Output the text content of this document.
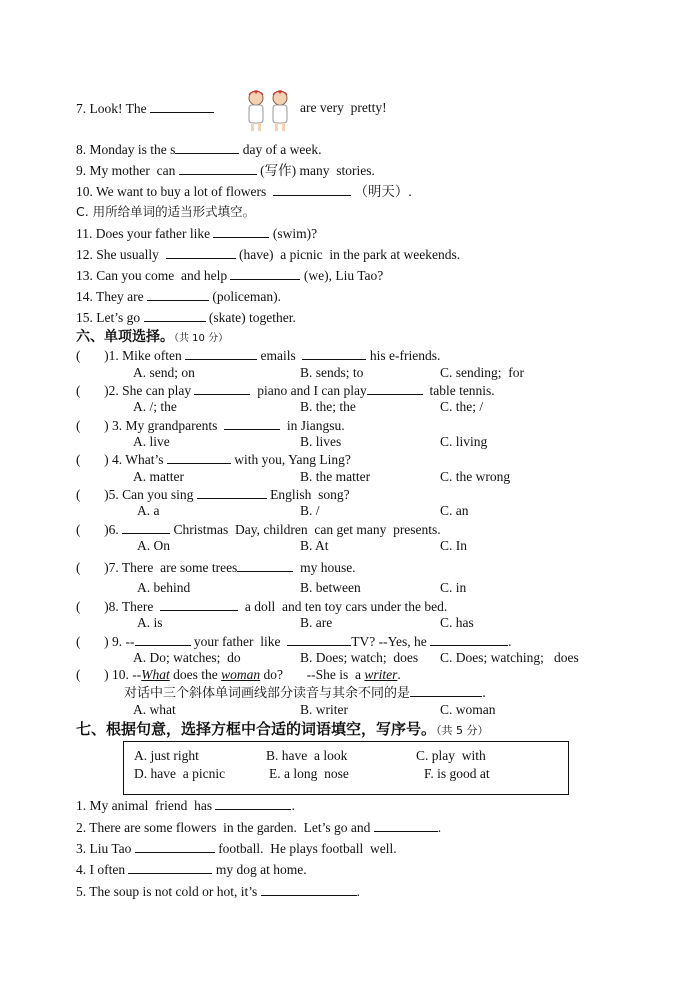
7. Look! The	are very  pretty!
8. Monday is the s	day of a week.
9. My mother  can	(写作) many  stories.
10. We want to buy a lot of flowers	（明天）.
C. 用所给单词的适当形式填空。
11. Does your father like	(swim)?
12. She usually	(have)  a picnic  in the park at weekends.
13. Can you come  and help	(we), Liu Tao?
14. They are	(policeman).
15. Let’s go	(skate) together.
六、单项选择。（共 10 分）
( )1. Mike often	emails	his e-friends.
A. send; on	B. sends; to	C. sending;  for
( )2. She can play	piano and I can play	table tennis.
A. /; the	B. the; the	C. the; /
( ) 3. My grandparents	in Jiangsu.
A. live	B. lives	C. living
( ) 4. What’s	with you, Yang Ling?
A. matter	B. the matter	C. the wrong
( )5. Can you sing	English  song?
A. a	B. /	C. an
( )6.	Christmas  Day, children  can get many  presents.
A. On	B. At	C. In
( )7. There  are some trees	my house.
A. behind	B. between	C. in
( )8. There	a doll  and ten toy cars under the bed.
A. is	B. are	C. has
( ) 9. --	your father  like	TV? --Yes, he	.
A. Do; watches;  do	B. Does; watch;  does C. Does; watching;   does
( ) 10. --What does the woman do?       --She is  a writer.
对话中三个斜体单词画线部分读音与其余不同的是	.
A. what	B. writer	C. woman
七、根据句意，选择方框中合适的词语填空，写序号。（共 5 分）
A. just right	B. have  a look	C. play  with
D. have  a picnic	E. a long  nose	F. is good at
1. My animal  friend  has	.
2. There are some flowers  in the garden.  Let’s go and	.
3. Liu Tao	football.  He plays football  well.
4. I often	my dog at home.
5. The soup is not cold or hot, it’s	.
